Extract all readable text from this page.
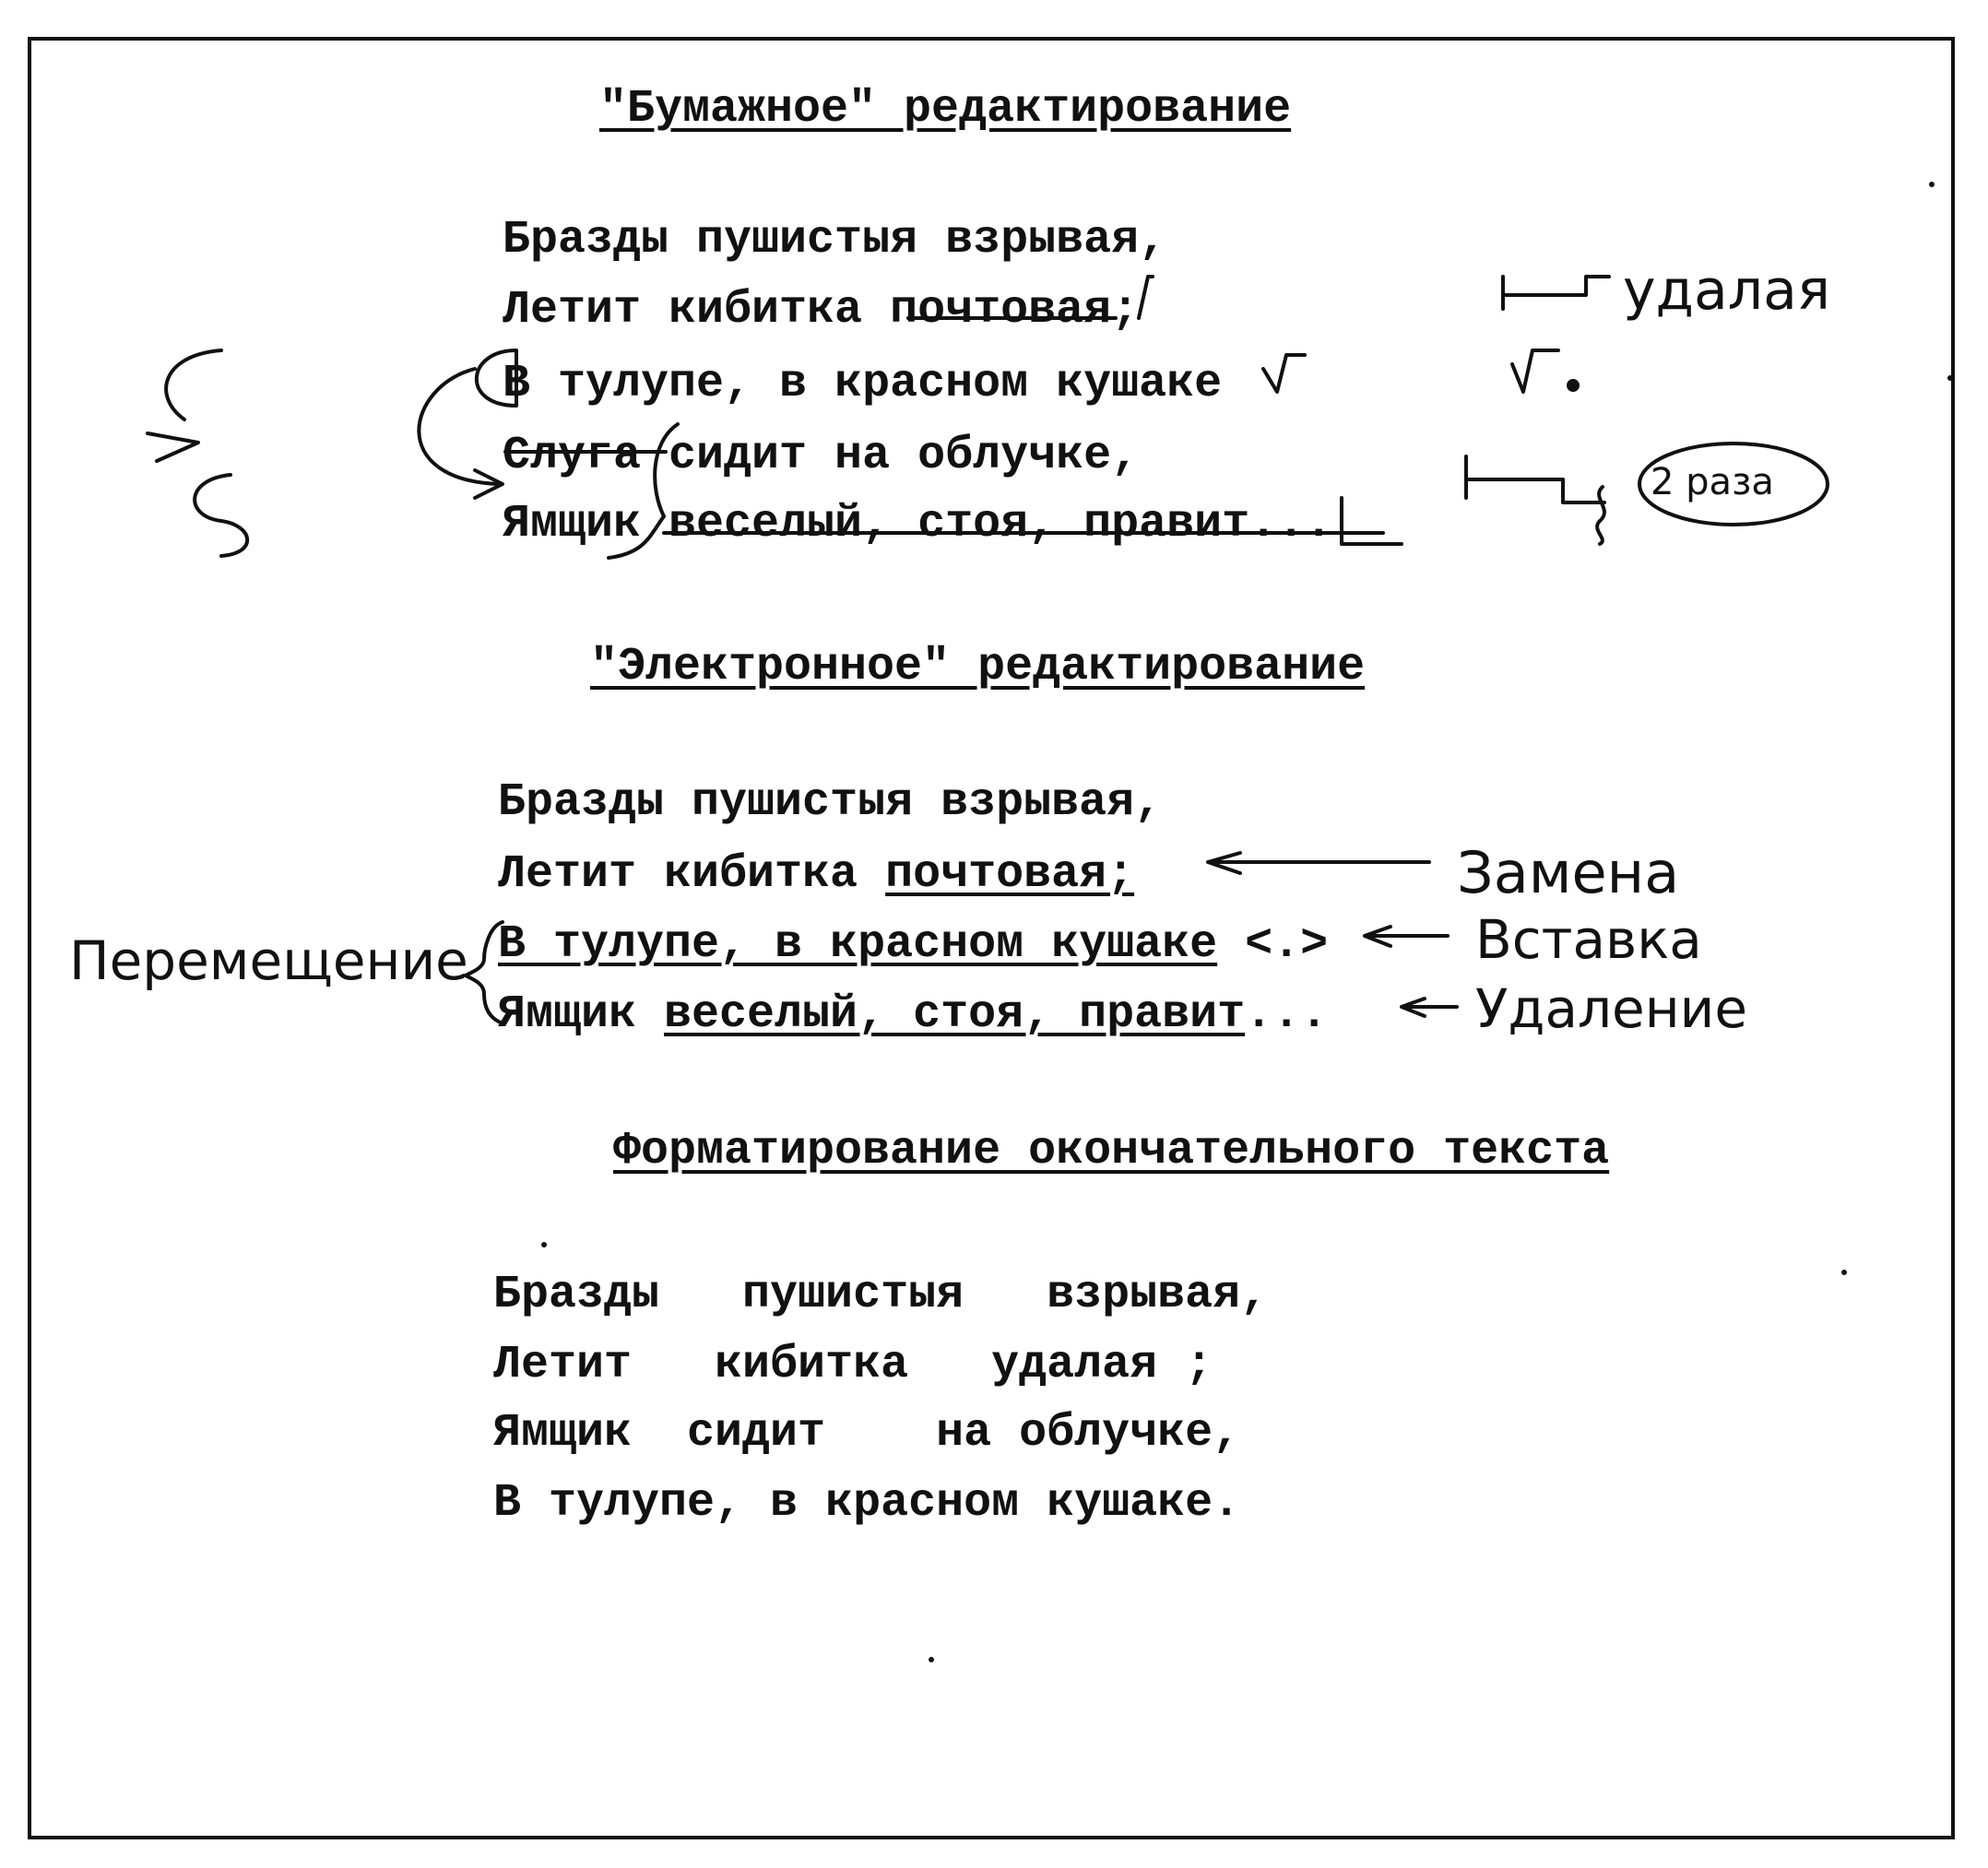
"Бумажное" редактирование
Бразды пушистыя взрывая,
Летит кибитка почтовая;
В тулупе, в красном кушаке
Слуга сидит на облучке,
Ямщик веселый, стоя, правит...
удалая
2 раза
"Электронное" редактирование
Бразды пушистыя взрывая,
Летит кибитка почтовая;
В тулупе, в красном кушаке <.>
Ямщик веселый, стоя, правит...
Замена
Вставка
Удаление
Перемещение
Форматирование окончательного текста
Бразды   пушистыя   взрывая,
Летит   кибитка   удалая ;
Ямщик  сидит    на облучке,
В тулупе, в красном кушаке.
